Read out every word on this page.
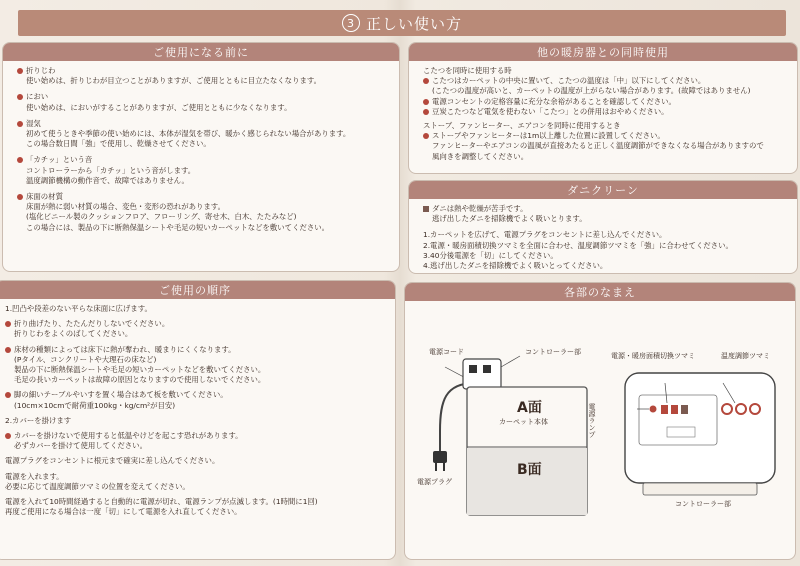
3 正しい使い方
ご使用になる前に
折りじわ
使い始めは、折りじわが目立つことがありますが、ご使用とともに目立たなくなります。
におい
使い始めは、においがすることがありますが、ご使用とともに少なくなります。
湿気
初めて使うときや季節の使い始めには、本体が湿気を帯び、暖かく感じられない場合があります。
この場合数日間「強」で使用し、乾燥させてください。
「カチッ」という音
コントローラーから「カチッ」という音がします。
温度調節機構の動作音で、故障ではありません。
床面の材質
床面が熱に弱い材質の場合、変色・変形の恐れがあります。
(塩化ビニール製のクッションフロア、フローリング、寄せ木、白木、たたみなど)
この場合には、製品の下に断熱保温シートや毛足の短いカーペットなどを敷いてください。
他の暖房器との同時使用
こたつを同時に使用する時
こたつはカーペットの中央に置いて、こたつの温度は「中」以下にしてください。
(こたつの温度が高いと、カーペットの温度が上がらない場合があります。(故障ではありません)
電源コンセントの定格容量に充分な余裕があることを確認してください。
豆炭こたつなど電気を使わない「こたつ」との併用はおやめください。
ストーブ、ファンヒーター、エアコンを同時に使用するとき
ストーブやファンヒーターは1m以上離した位置に設置してください。
ファンヒーターやエアコンの温風が直接あたると正しく温度調節ができなくなる場合がありますので
風向きを調整してください。
ダニクリーン
ダニは熱や乾燥が苦手です。
逃げ出したダニを掃除機でよく吸いとります。
1.カーペットを広げて、電源プラグをコンセントに差し込んでください。
2.電源・暖房面積切換ツマミを全面に合わせ、温度調節ツマミを「強」に合わせてください。
3.40分後電源を「切」にしてください。
4.逃げ出したダニを掃除機でよく吸いとってください。
ご使用の順序
1.凹凸や段差のない平らな床面に広げます。
折り曲げたり、たたんだりしないでください。
折りじわをよくのばしてください。
床材の種類によっては床下に熱が奪われ、暖まりにくくなります。
(Pタイル、コンクリートや大理石の床など)
製品の下に断熱保温シートや毛足の短いカーペットなどを敷いてください。
毛足の長いカーペットは故障の原因となりますので使用しないでください。
脚の細いテーブルやいすを置く場合はあて板を敷いてください。
(10cm×10cmで耐荷重100kg・kg/cm²が目安)
2.カバーを掛けます
カバーを掛けないで使用すると低温やけどを起こす恐れがあります。
必ずカバーを掛けて使用してください。
電源プラグをコンセントに根元まで確実に差し込んでください。
電源を入れます。
必要に応じて温度調節ツマミの位置を変えてください。
電源を入れて10時間経過すると自動的に電源が切れ、電源ランプが点滅します。(1時間に1回)
再度ご使用になる場合は一度「切」にして電源を入れ直してください。
各部のなまえ
電源コード	コントローラー部
A面
カーペット本体
B面
電源プラグ
電源・暖房面積切換ツマミ	温度調節ツマミ
電源ランプ
コントローラー部
